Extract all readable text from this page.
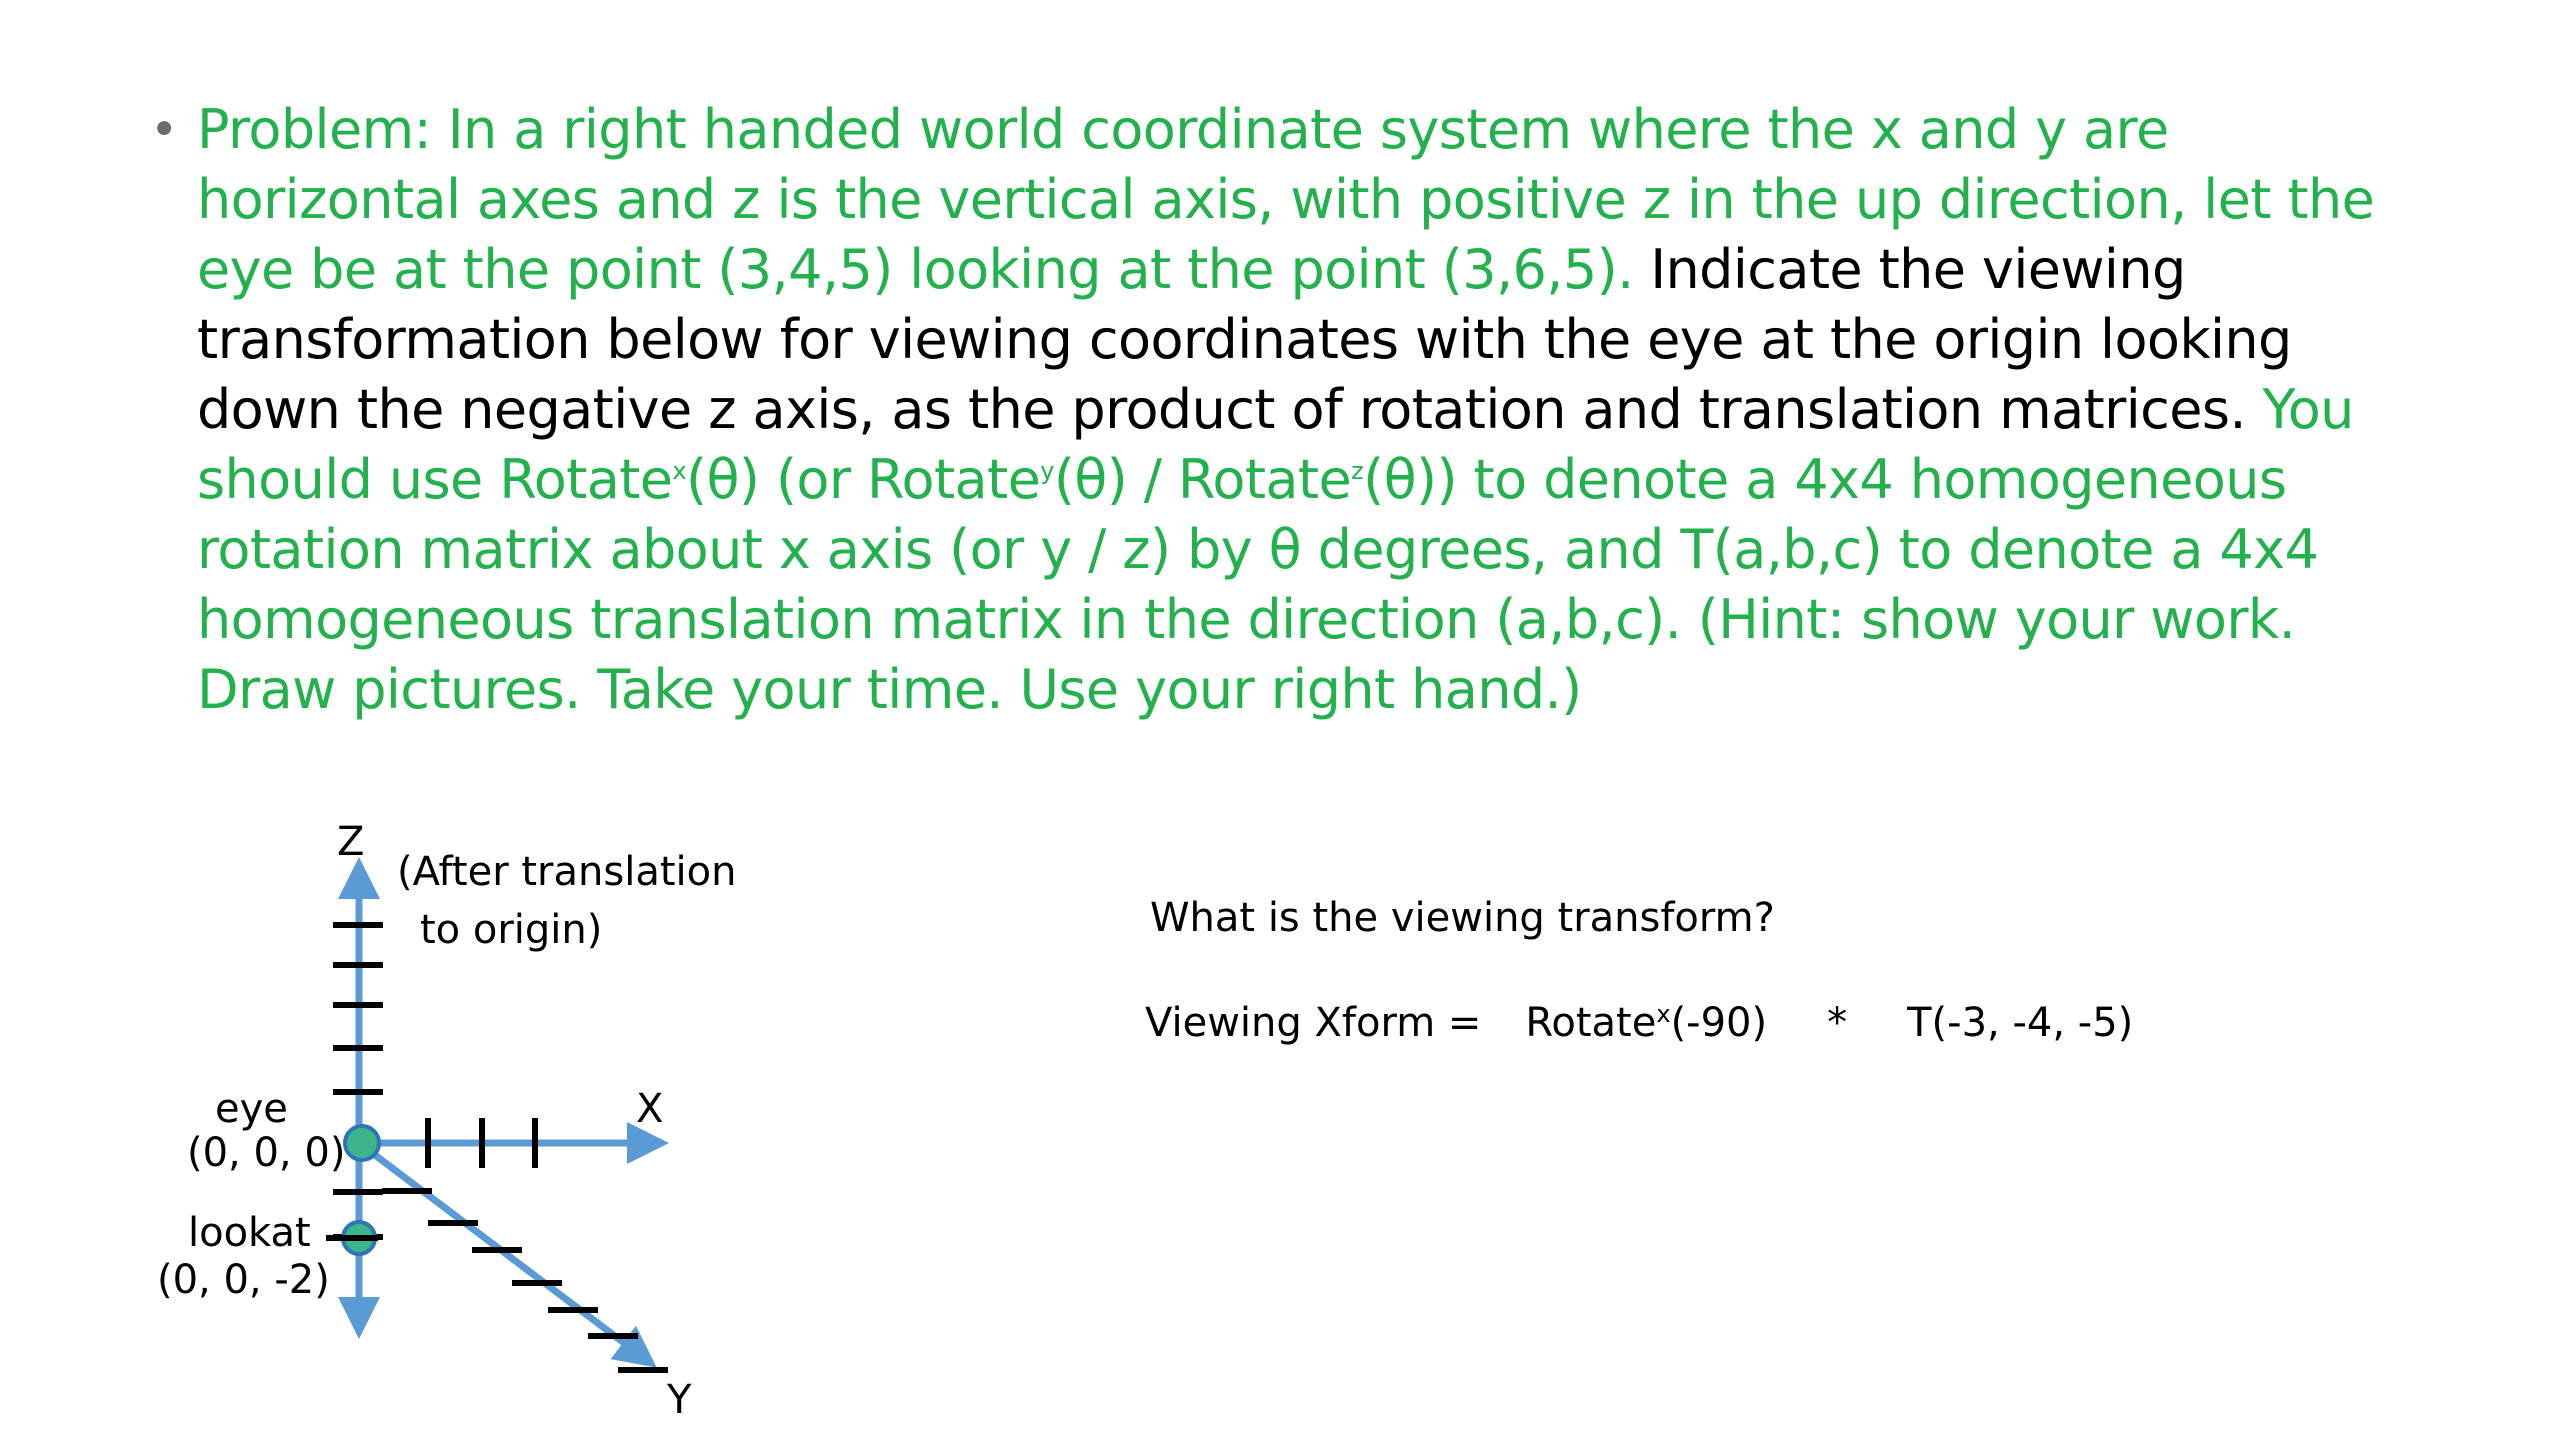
• Problem: In a right handed world coordinate system where the x and y are horizontal axes and z is the vertical axis, with positive z in the up direction, let the eye be at the point (3,4,5) looking at the point (3,6,5). Indicate the viewing transformation below for viewing coordinates with the eye at the origin looking down the negative z axis, as the product of rotation and translation matrices. You should use Rotate$^x$(θ) (or Rotate$^y$(θ) / Rotate$^z$(θ)) to denote a 4x4 homogeneous rotation matrix about x axis (or y / z) by θ degrees, and T(a,b,c) to denote a 4x4 homogeneous translation matrix in the direction (a,b,c). (Hint: show your work. Draw pictures. Take your time. Use your right hand.)

Z
X
Y
(After translation
to origin)
eye
(0, 0, 0)
lookat
(0, 0, -2)
What is the viewing transform?
Viewing Xform = Rotatex(-90) * T(-3, -4, -5)
